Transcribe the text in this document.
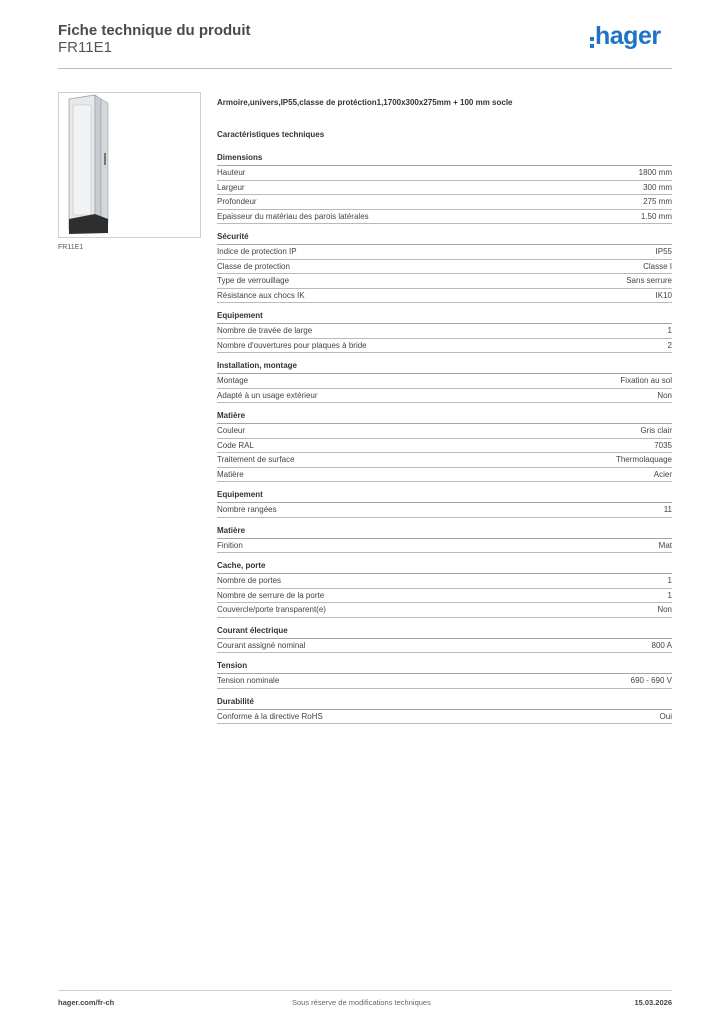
Fiche technique du produit
FR11E1	hager
FR11E1
Armoire,univers,IP55,classe de protéction1,1700x300x275mm + 100 mm socle
Caractéristiques techniques
Dimensions
Hauteur	1800 mm
Largeur	300 mm
Profondeur	275 mm
Epaisseur du matériau des parois latérales	1.50 mm
Sécurité
Indice de protection IP	IP55
Classe de protection	Classe I
Type de verrouillage	Sans serrure
Résistance aux chocs IK	IK10
Equipement
Nombre de travée de large	1
Nombre d'ouvertures pour plaques à bride	2
Installation, montage
Montage	Fixation au sol
Adapté à un usage extérieur	Non
Matière
Couleur	Gris clair
Code RAL	7035
Traitement de surface	Thermolaquage
Matière	Acier
Equipement
Nombre rangées	11
Matière
Finition	Mat
Cache, porte
Nombre de portes	1
Nombre de serrure de la porte	1
Couvercle/porte transparent(e)	Non
Courant électrique
Courant assigné nominal	800 A
Tension
Tension nominale	690 - 690 V
Durabilité
Conforme à la directive RoHS	Oui
hager.com/fr-ch	Sous réserve de modifications techniques	15.03.2026
